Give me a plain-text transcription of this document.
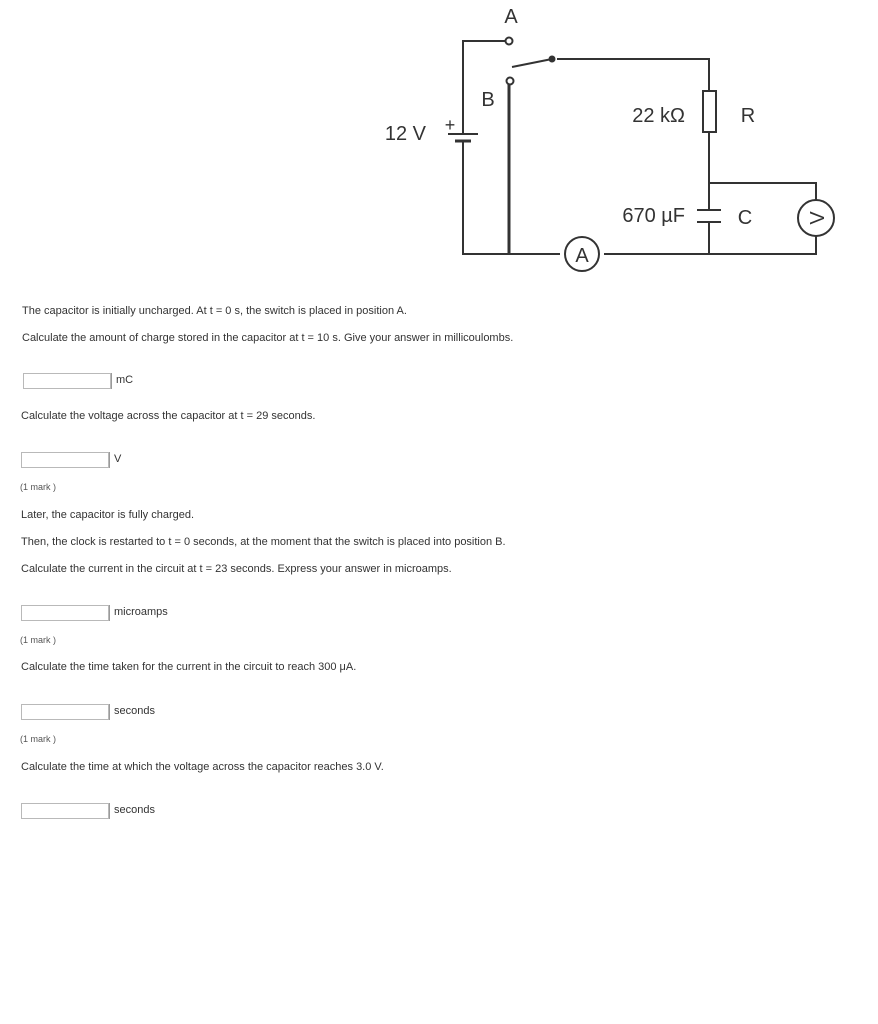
A
V
A
B
12 V +	22 kΩ	R
670 µF	C
The capacitor is initially uncharged. At t = 0 s, the switch is placed in position A.
Calculate the amount of charge stored in the capacitor at t = 10 s. Give your answer in millicoulombs.
mC
Calculate the voltage across the capacitor at t = 29 seconds.
V
(1 mark )
Later, the capacitor is fully charged.
Then, the clock is restarted to t = 0 seconds, at the moment that the switch is placed into position B.
Calculate the current in the circuit at t = 23 seconds. Express your answer in microamps.
microamps
(1 mark )
Calculate the time taken for the current in the circuit to reach 300 μA.
seconds
(1 mark )
Calculate the time at which the voltage across the capacitor reaches 3.0 V.
seconds
